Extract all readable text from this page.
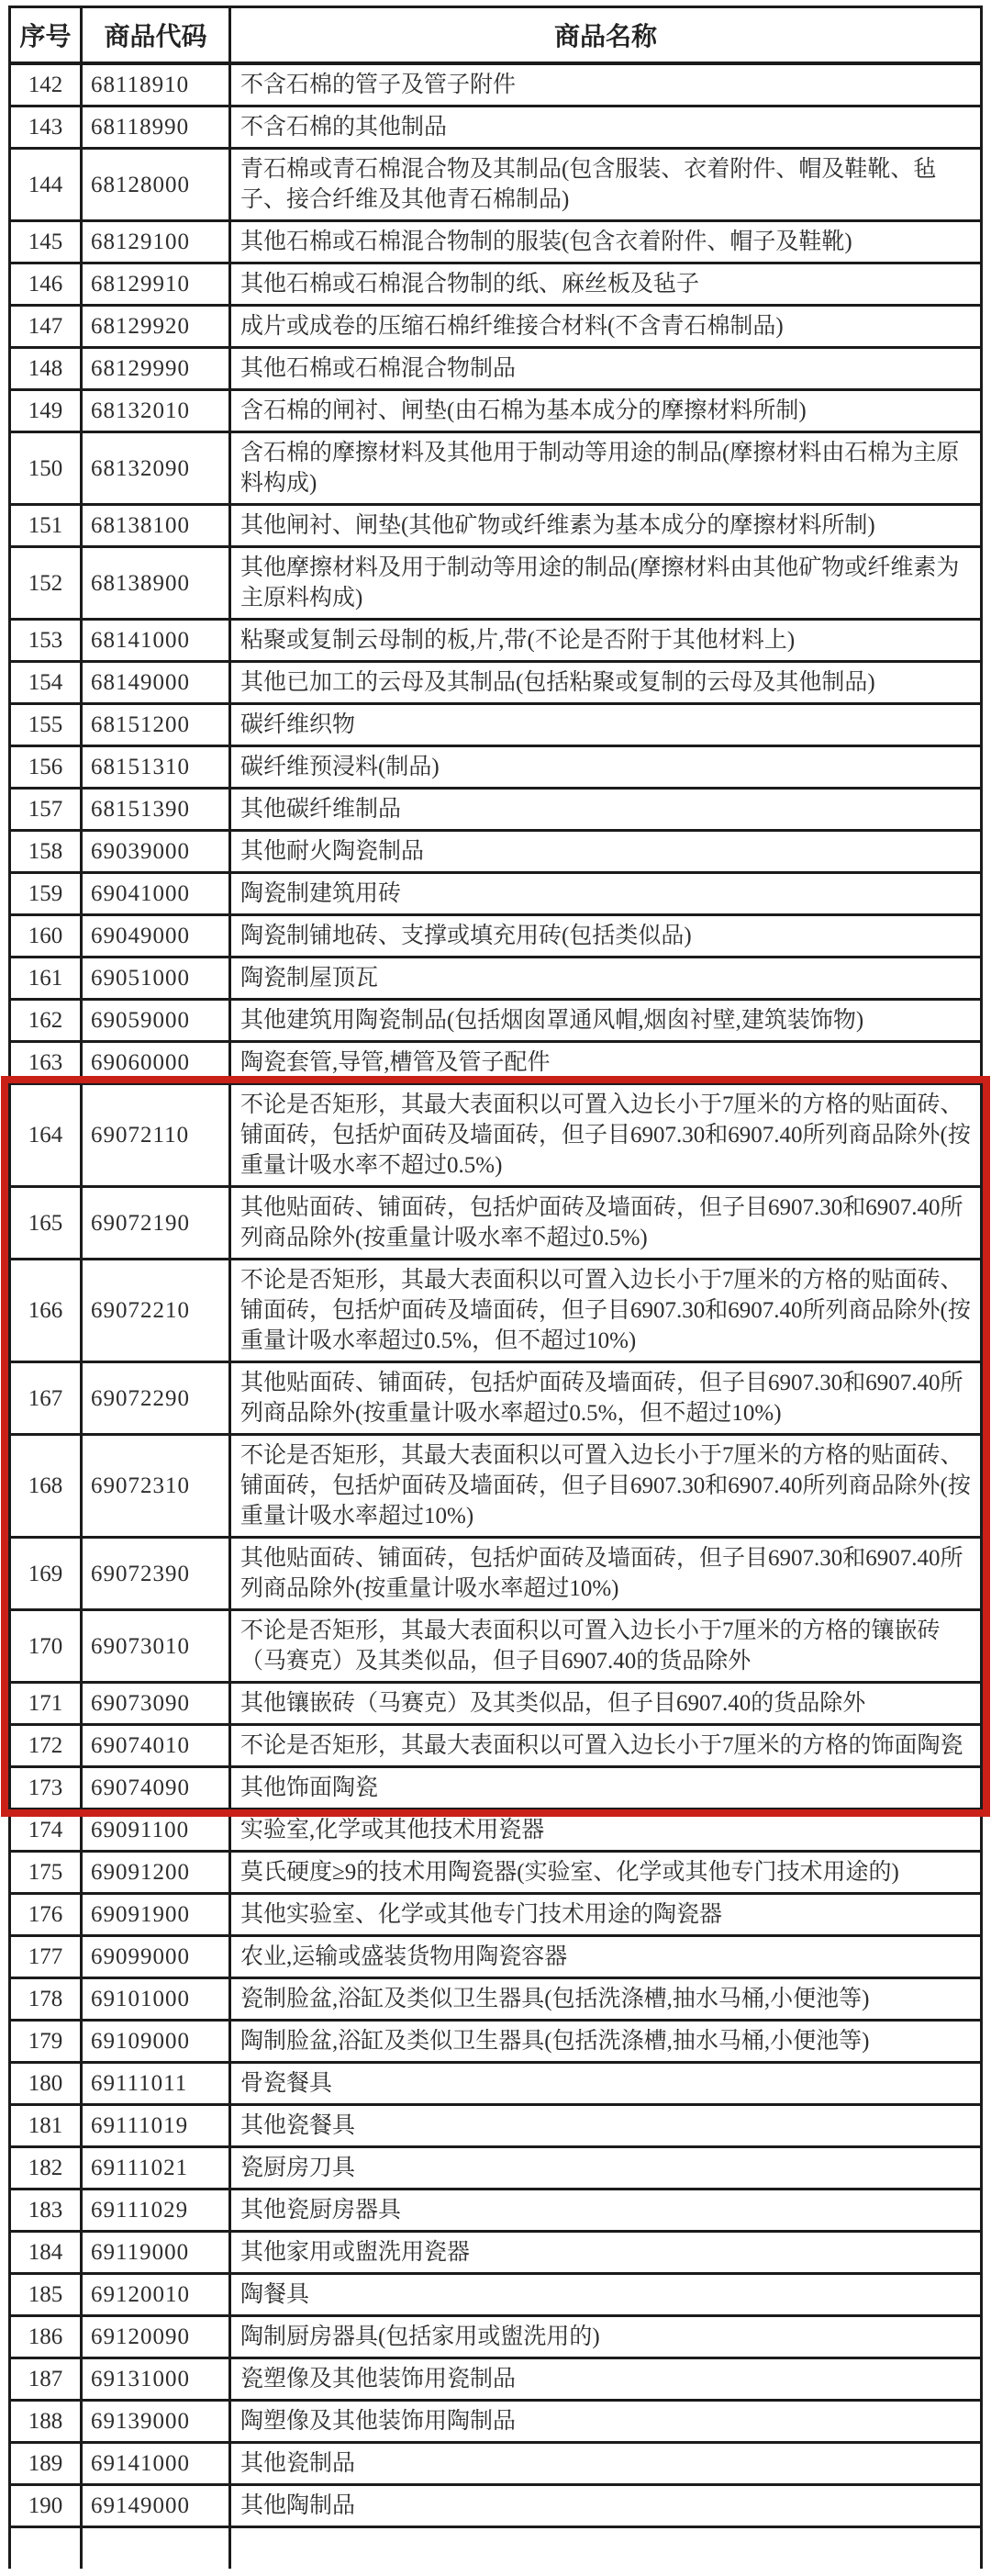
序号	商品代码	商品名称
142	68118910	不含石棉的管子及管子附件
143	68118990	不含石棉的其他制品
144	68128000	青石棉或青石棉混合物及其制品(包含服装、衣着附件、帽及鞋靴、毡子、接合纤维及其他青石棉制品)
145	68129100	其他石棉或石棉混合物制的服装(包含衣着附件、帽子及鞋靴)
146	68129910	其他石棉或石棉混合物制的纸、麻丝板及毡子
147	68129920	成片或成卷的压缩石棉纤维接合材料(不含青石棉制品)
148	68129990	其他石棉或石棉混合物制品
149	68132010	含石棉的闸衬、闸垫(由石棉为基本成分的摩擦材料所制)
150	68132090	含石棉的摩擦材料及其他用于制动等用途的制品(摩擦材料由石棉为主原料构成)
151	68138100	其他闸衬、闸垫(其他矿物或纤维素为基本成分的摩擦材料所制)
152	68138900	其他摩擦材料及用于制动等用途的制品(摩擦材料由其他矿物或纤维素为主原料构成)
153	68141000	粘聚或复制云母制的板,片,带(不论是否附于其他材料上)
154	68149000	其他已加工的云母及其制品(包括粘聚或复制的云母及其他制品)
155	68151200	碳纤维织物
156	68151310	碳纤维预浸料(制品)
157	68151390	其他碳纤维制品
158	69039000	其他耐火陶瓷制品
159	69041000	陶瓷制建筑用砖
160	69049000	陶瓷制铺地砖、支撑或填充用砖(包括类似品)
161	69051000	陶瓷制屋顶瓦
162	69059000	其他建筑用陶瓷制品(包括烟囱罩通风帽,烟囱衬壁,建筑装饰物)
163	69060000	陶瓷套管,导管,槽管及管子配件
164	69072110	不论是否矩形，其最大表面积以可置入边长小于7厘米的方格的贴面砖、铺面砖，包括炉面砖及墙面砖，但子目6907.30和6907.40所列商品除外(按重量计吸水率不超过0.5%)
165	69072190	其他贴面砖、铺面砖，包括炉面砖及墙面砖，但子目6907.30和6907.40所列商品除外(按重量计吸水率不超过0.5%)
166	69072210	不论是否矩形，其最大表面积以可置入边长小于7厘米的方格的贴面砖、铺面砖，包括炉面砖及墙面砖，但子目6907.30和6907.40所列商品除外(按重量计吸水率超过0.5%，但不超过10%)
167	69072290	其他贴面砖、铺面砖，包括炉面砖及墙面砖，但子目6907.30和6907.40所列商品除外(按重量计吸水率超过0.5%，但不超过10%)
168	69072310	不论是否矩形，其最大表面积以可置入边长小于7厘米的方格的贴面砖、铺面砖，包括炉面砖及墙面砖，但子目6907.30和6907.40所列商品除外(按重量计吸水率超过10%)
169	69072390	其他贴面砖、铺面砖，包括炉面砖及墙面砖，但子目6907.30和6907.40所列商品除外(按重量计吸水率超过10%)
170	69073010	不论是否矩形，其最大表面积以可置入边长小于7厘米的方格的镶嵌砖（马赛克）及其类似品，但子目6907.40的货品除外
171	69073090	其他镶嵌砖（马赛克）及其类似品，但子目6907.40的货品除外
172	69074010	不论是否矩形，其最大表面积以可置入边长小于7厘米的方格的饰面陶瓷
173	69074090	其他饰面陶瓷
174	69091100	实验室,化学或其他技术用瓷器
175	69091200	莫氏硬度≥9的技术用陶瓷器(实验室、化学或其他专门技术用途的)
176	69091900	其他实验室、化学或其他专门技术用途的陶瓷器
177	69099000	农业,运输或盛装货物用陶瓷容器
178	69101000	瓷制脸盆,浴缸及类似卫生器具(包括洗涤槽,抽水马桶,小便池等)
179	69109000	陶制脸盆,浴缸及类似卫生器具(包括洗涤槽,抽水马桶,小便池等)
180	69111011	骨瓷餐具
181	69111019	其他瓷餐具
182	69111021	瓷厨房刀具
183	69111029	其他瓷厨房器具
184	69119000	其他家用或盥洗用瓷器
185	69120010	陶餐具
186	69120090	陶制厨房器具(包括家用或盥洗用的)
187	69131000	瓷塑像及其他装饰用瓷制品
188	69139000	陶塑像及其他装饰用陶制品
189	69141000	其他瓷制品
190	69149000	其他陶制品
